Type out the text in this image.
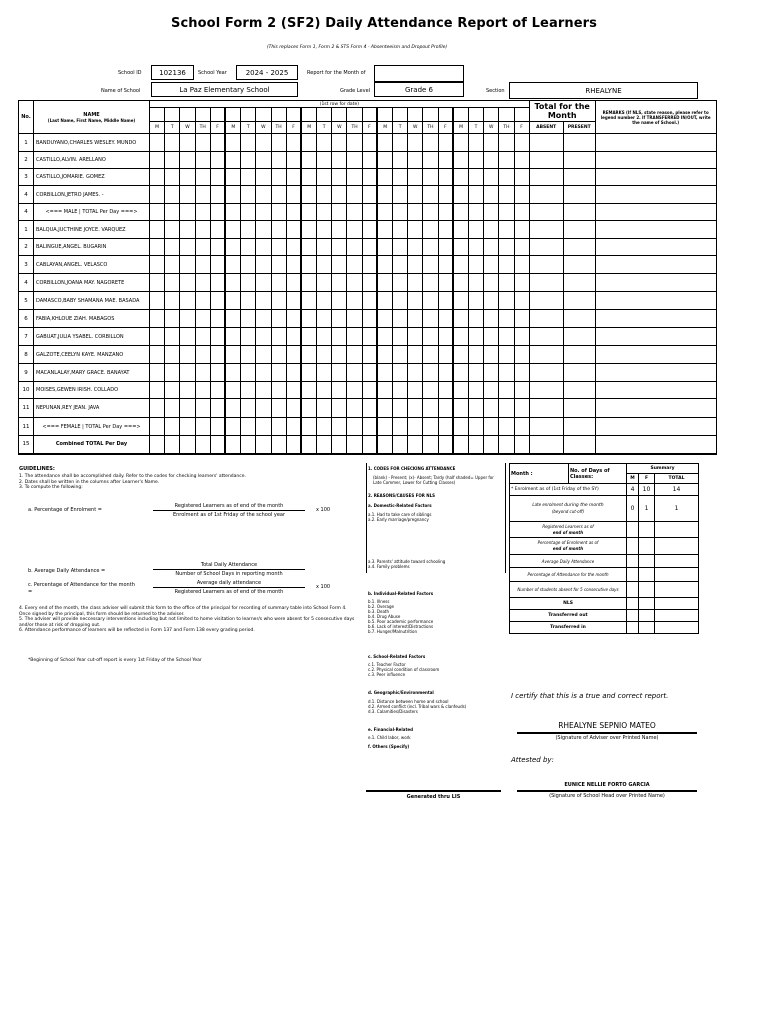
School Form 2 (SF2) Daily Attendance Report of Learners
(This replaces Form 1, Form 2 & STS Form 4 - Absenteeism and Dropout Profile)
School ID	102136	School Year	2024 - 2025	Report for the Month of
Name of School	La Paz Elementary School	Grade Level	Grade 6	Section	RHEALYNE
No.	NAME
(Last Name, First Name, Middle Name)	(1st row for date)																									Total for the Month		REMARKS (If NLS, state reason, please refer to legend number 2. If TRANSFERRED IN/OUT, write the name of School.)

		M	T	W	TH	F	M	T	W	TH	F	M	T	W	TH	F	M	T	W	TH	F	M	T	W	TH	F	ABSENT	PRESENT	
1	BANDUYANO,CHARLES WESLEY. MUNDO																												
2	CASTILLO,ALVIN. ARELLANO																												
3	CASTILLO,JOMARIE. GOMEZ																												
4	CORBILLON,JETRO JAMES. -																												
4	<=== MALE | TOTAL Per Day ===>																												
1	BALQUA,JUCTHINE JOYCE. VARQUEZ																												
2	BALINGUE,ANGEL. BUGARIN																												
3	CABLAYAN,ANGEL. VELASCO																												
4	CORBILLON,JOANA MAY. NAGORETE																												
5	DAMASCO,BABY SHAMANA MAE. BASADA																												
6	FABIA,KHLOUE ZIAH. MABAGOS																												
7	GABUAT,JULIA YSABEL. CORBILLON																												
8	GALZOTE,CEELYN KAYE. MANZANO																												
9	MACANLALAY,MARY GRACE. BANAYAT																												
10	MOISES,GEWEN IRISH. COLLADO																												
11	NEPUNAN,REY JEAN. JAVA																												
11	<=== FEMALE | TOTAL Per Day ===>																												
15	Combined TOTAL Per Day																												
GUIDELINES:
1. The attendance shall be accomplished daily. Refer to the codes for checking learners' attendance.
2. Dates shall be written in the columns after Learner's Name.
3. To compute the following:
a. Percentage of Enrolment =
Registered Learners as of end of the month
Enrolment as of 1st Friday of the school year
x 100
b. Average Daily Attendance =
Total Daily Attendance
Number of School Days in reporting month
c. Percentage of Attendance for the month
=
Average daily attendance
Registered Learners as of end of the month
x 100
4. Every end of the month, the class adviser will submit this form to the office of the principal for recording of summary table into School Form 4. Once signed by the principal, this form should be returned to the adviser.
5. The adviser will provide neccessary interventions including but not limited to home visitation to learner/s who were absent for 5 consecutive days and/or those at risk of dropping out.
6. Attendance performance of learners will be reflected in Form 137 and Form 138 every grading period.
*Beginning of School Year cut-off report is every 1st Friday of the School Year
1. CODES FOR CHECKING ATTENDANCE
(blank) - Present; (x)- Absent; Tardy (half shaded= Upper for Late Commer, Lower for Cutting Classes)
2. REASONS/CAUSES FOR NLS
a. Domestic-Related Factors
a.1. Had to take care of siblings
a.2. Early marriage/pregnancy
a.3. Parents' attitude toward schooling
a.4. Family problems
b. Individual-Related Factors
b.1. Illness
b.2. Overage
b.3. Death
b.4. Drug Abuse
b.5. Poor academic performance
b.6. Lack of interest/Distractions
b.7. Hunger/Malnutrition
c. School-Related Factors
c.1. Teacher Factor
c.2. Physical condition of classroom
c.3. Peer influence
d. Geographic/Environmental
d.1. Distance between home and school
d.2. Armed conflict (incl. Tribal wars & clanfeuds)
d.3. Calamities/Disasters
e. Financial-Related
e.1. Child labor, work
f. Others (Specify)
Generated thru LIS
Month :	No. of Days of Classes:	Summary		
		M	F	TOTAL
* Enrolment as of (1st Friday of the SY)		4	10	14
Late enrolment during the month
(beyond cut-off)		0	1	1

Registered Learners as of
end of month				

Percentage of Enrolment as of
end of month				

Average Daily Attendance				
Percentage of Attendance for the month				
Number of students absent for 5 consecutive days				
NLS				
Transferred out				
Transferred in				
I certify that this is a true and correct report.
RHEALYNE SEPNIO MATEO
(Signature of Adviser over Printed Name)
Attested by:
EUNICE NELLIE FORTO GARCIA
(Signature of School Head over Printed Name)
